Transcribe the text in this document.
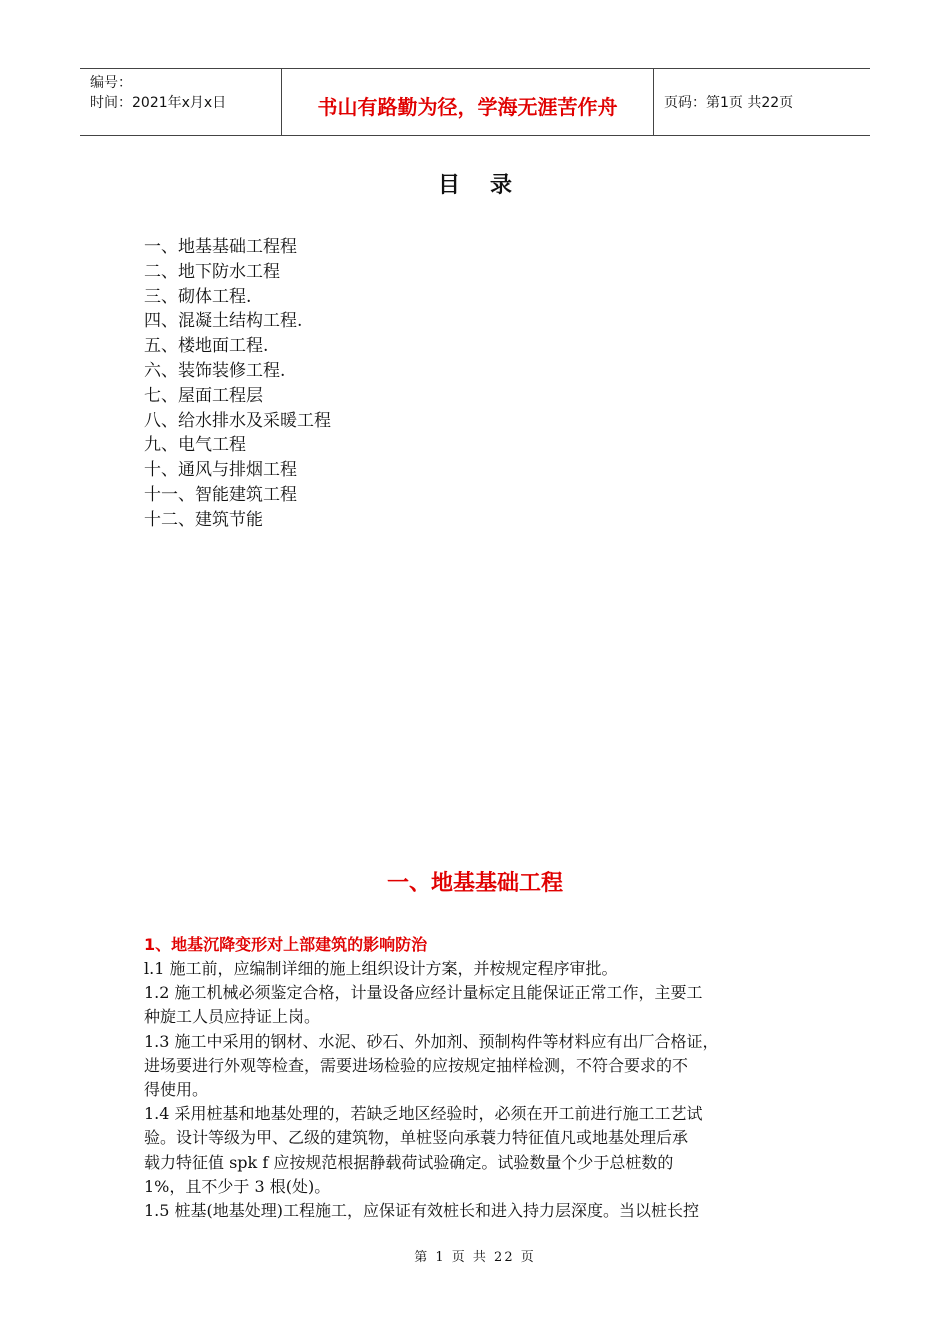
编号：
时间：2021年x月x日	书山有路勤为径，学海无涯苦作舟	页码：第1页 共22页
目录
一、地基基础工程程
二、地下防水工程
三、砌体工程.
四、混凝土结构工程.
五、楼地面工程.
六、装饰装修工程.
七、屋面工程层
八、给水排水及采暖工程
九、电气工程
十、通风与排烟工程
十一、智能建筑工程
十二、建筑节能
一、地基基础工程
1、地基沉降变形对上部建筑的影响防治

l.1 施工前，应编制详细的施上组织设计方案，并桉规定程序审批。

1.2 施工机械必须鉴定合格，计量设备应经计量标定且能保证正常工作，主要工

种旋工人员应持证上岗。

1.3 施工中采用的钢材、水泥、砂石、外加剂、预制构件等材料应有出厂合格证，

进场要进行外观等检查，需要进场检验的应按规定抽样检测，不符合要求的不

得使用。

1.4 采用桩基和地基处理的，若缺乏地区经验时，必须在开工前进行施工工艺试

验。设计等级为甲、乙级的建筑物，单桩竖向承蓑力特征值凡或地基处理后承

载力特征值 spk f 应按规范根据静载荷试验确定。试验数量个少于总桩数的

1%，且不少于 3 根(处)。

1.5 桩基(地基处理)工程施工，应保证有效桩长和进入持力层深度。当以桩长控

第 1 页 共 22 页
